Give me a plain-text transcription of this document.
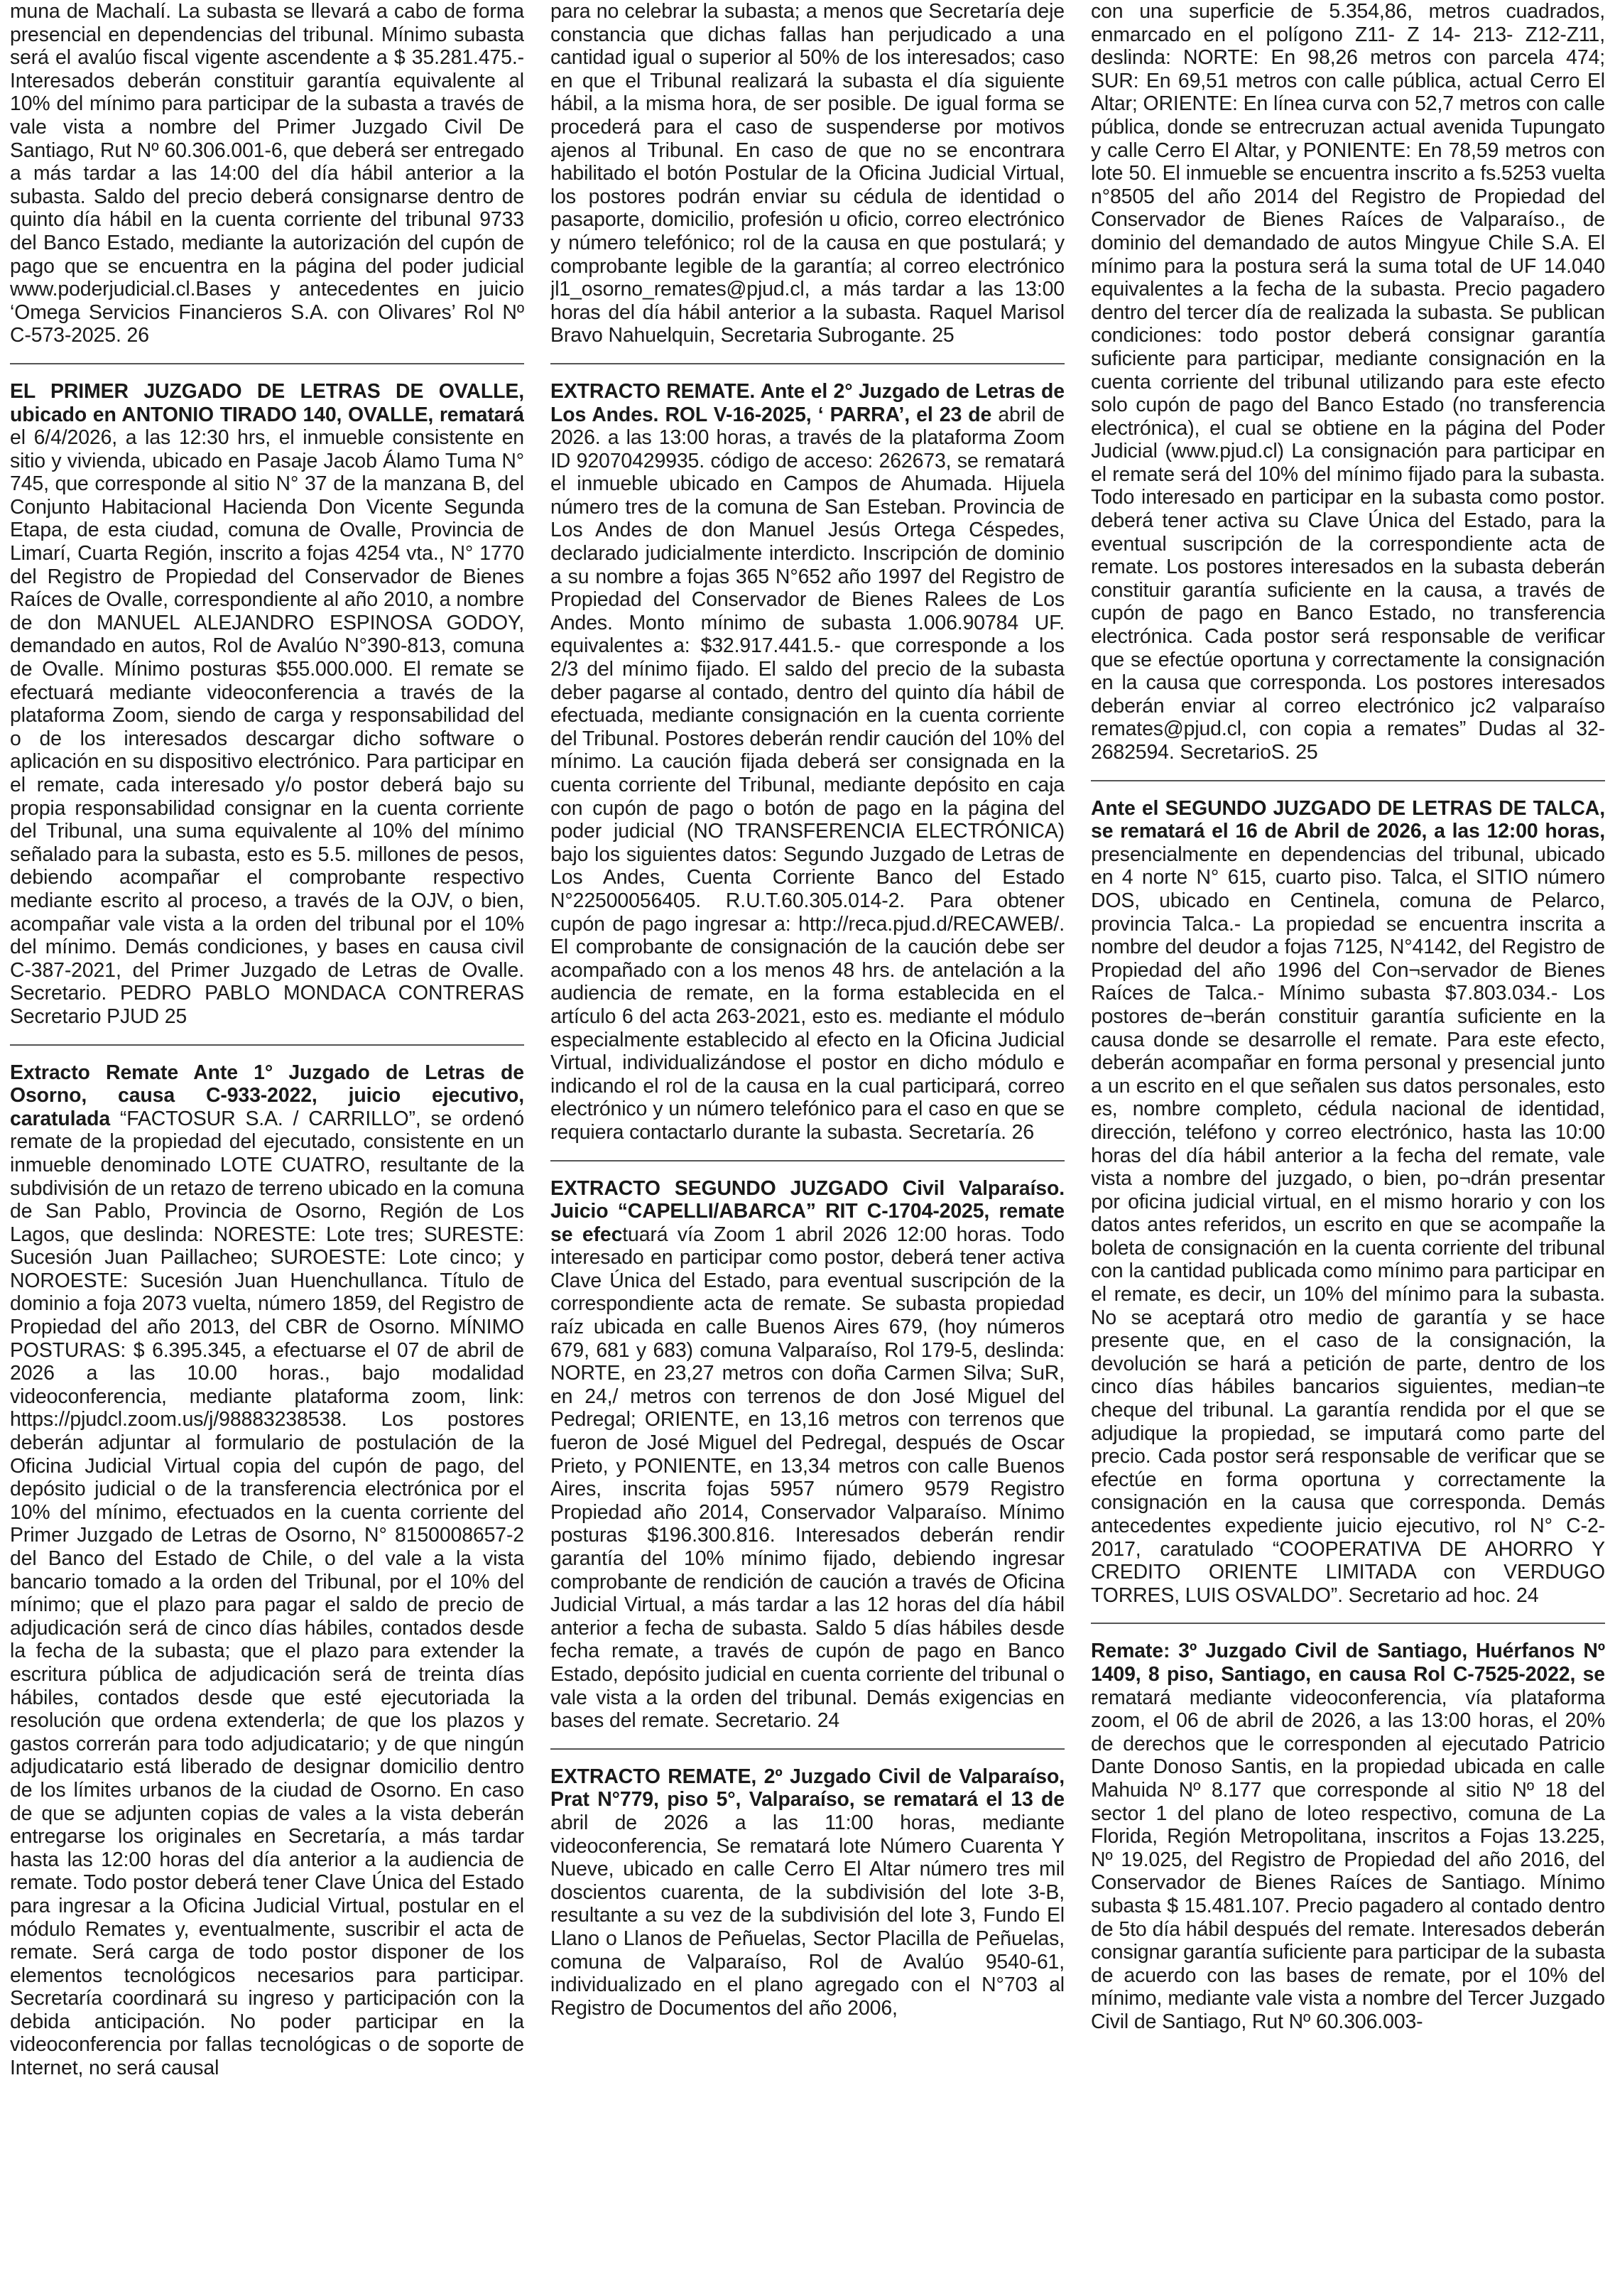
muna de Machalí. La subasta se llevará a cabo de forma presencial en dependencias del tribunal. Mínimo subasta será el avalúo fiscal vigente ascendente a $ 35.281.475.- Interesados deberán constituir garantía equivalente al 10% del mínimo para participar de la subasta a través de vale vista a nombre del Primer Juzgado Civil De Santiago, Rut Nº 60.306.001-6, que deberá ser entregado a más tardar a las 14:00 del día hábil anterior a la subasta. Saldo del precio deberá consignarse dentro de quinto día hábil en la cuenta corriente del tribunal 9733 del Banco Estado, mediante la autorización del cupón de pago que se encuentra en la página del poder judicial www.poderjudicial.cl.Bases y antecedentes en juicio ‘Omega Servicios Financieros S.A. con Olivares’ Rol Nº C-573-2025. 26

EL PRIMER JUZGADO DE LETRAS DE OVALLE, ubicado en ANTONIO TIRADO 140, OVALLE, rematará el 6/4/2026, a las 12:30 hrs, el inmueble consistente en sitio y vivienda, ubicado en Pasaje Jacob Álamo Tuma N° 745, que corresponde al sitio N° 37 de la manzana B, del Conjunto Habitacional Hacienda Don Vicente Segunda Etapa, de esta ciudad, comuna de Ovalle, Provincia de Limarí, Cuarta Región, inscrito a fojas 4254 vta., N° 1770 del Registro de Propiedad del Conservador de Bienes Raíces de Ovalle, correspondiente al año 2010, a nombre de don MANUEL ALEJANDRO ESPINOSA GODOY, demandado en autos, Rol de Avalúo N°390-813, comuna de Ovalle. Mínimo posturas $55.000.000. El remate se efectuará mediante videoconferencia a través de la plataforma Zoom, siendo de carga y responsabilidad del o de los interesados descargar dicho software o aplicación en su dispositivo electrónico. Para participar en el remate, cada interesado y/o postor deberá bajo su propia responsabilidad consignar en la cuenta corriente del Tribunal, una suma equivalente al 10% del mínimo señalado para la subasta, esto es 5.5. millones de pesos, debiendo acompañar el comprobante respectivo mediante escrito al proceso, a través de la OJV, o bien, acompañar vale vista a la orden del tribunal por el 10% del mínimo. Demás condiciones, y bases en causa civil C-387-2021, del Primer Juzgado de Letras de Ovalle. Secretario. PEDRO PABLO MONDACA CONTRERAS Secretario PJUD 25

Extracto Remate Ante 1° Juzgado de Letras de Osorno, causa C-933-2022, juicio ejecutivo, caratulada “FACTOSUR S.A. / CARRILLO”, se ordenó remate de la propiedad del ejecutado, consistente en un inmueble denominado LOTE CUATRO, resultante de la subdivisión de un retazo de terreno ubicado en la comuna de San Pablo, Provincia de Osorno, Región de Los Lagos, que deslinda: NORESTE: Lote tres; SURESTE: Sucesión Juan Paillacheo; SUROESTE: Lote cinco; y NOROESTE: Sucesión Juan Huenchullanca. Título de dominio a foja 2073 vuelta, número 1859, del Registro de Propiedad del año 2013, del CBR de Osorno. MÍNIMO POSTURAS: $ 6.395.345, a efectuarse el 07 de abril de 2026 a las 10.00 horas., bajo modalidad videoconferencia, mediante plataforma zoom, link: https://pjudcl.zoom.us/j/98883238538. Los postores deberán adjuntar al formulario de postulación de la Oficina Judicial Virtual copia del cupón de pago, del depósito judicial o de la transferencia electrónica por el 10% del mínimo, efectuados en la cuenta corriente del Primer Juzgado de Letras de Osorno, N° 8150008657-2 del Banco del Estado de Chile, o del vale a la vista bancario tomado a la orden del Tribunal, por el 10% del mínimo; que el plazo para pagar el saldo de precio de adjudicación será de cinco días hábiles, contados desde la fecha de la subasta; que el plazo para extender la escritura pública de adjudicación será de treinta días hábiles, contados desde que esté ejecutoriada la resolución que ordena extenderla; de que los plazos y gastos correrán para todo adjudicatario; y de que ningún adjudicatario está liberado de designar domicilio dentro de los límites urbanos de la ciudad de Osorno. En caso de que se adjunten copias de vales a la vista deberán entregarse los originales en Secretaría, a más tardar hasta las 12:00 horas del día anterior a la audiencia de remate. Todo postor deberá tener Clave Única del Estado para ingresar a la Oficina Judicial Virtual, postular en el módulo Remates y, eventualmente, suscribir el acta de remate. Será carga de todo postor disponer de los elementos tecnológicos necesarios para participar. Secretaría coordinará su ingreso y participación con la debida anticipación. No poder participar en la videoconferencia por fallas tecnológicas o de soporte de Internet, no será causal

para no celebrar la subasta; a menos que Secretaría deje constancia que dichas fallas han perjudicado a una cantidad igual o superior al 50% de los interesados; caso en que el Tribunal realizará la subasta el día siguiente hábil, a la misma hora, de ser posible. De igual forma se procederá para el caso de suspenderse por motivos ajenos al Tribunal. En caso de que no se encontrara habilitado el botón Postular de la Oficina Judicial Virtual, los postores podrán enviar su cédula de identidad o pasaporte, domicilio, profesión u oficio, correo electrónico y número telefónico; rol de la causa en que postulará; y comprobante legible de la garantía; al correo electrónico jl1_osorno_remates@pjud.cl, a más tardar a las 13:00 horas del día hábil anterior a la subasta. Raquel Marisol Bravo Nahuelquin, Secretaria Subrogante. 25

EXTRACTO REMATE. Ante el 2° Juzgado de Letras de Los Andes. ROL V-16-2025, ‘ PARRA’, el 23 de abril de 2026. a las 13:00 horas, a través de la plataforma Zoom ID 92070429935. código de acceso: 262673, se rematará el inmueble ubicado en Campos de Ahumada. Hijuela número tres de la comuna de San Esteban. Provincia de Los Andes de don Manuel Jesús Ortega Céspedes, declarado judicialmente interdicto. Inscripción de dominio a su nombre a fojas 365 N°652 año 1997 del Registro de Propiedad del Conservador de Bienes Ralees de Los Andes. Monto mínimo de subasta 1.006.90784 UF. equivalentes a: $32.917.441.5.- que corresponde a los 2/3 del mínimo fijado. El saldo del precio de la subasta deber pagarse al contado, dentro del quinto día hábil de efectuada, mediante consignación en la cuenta corriente del Tribunal. Postores deberán rendir caución del 10% del mínimo. La caución fijada deberá ser consignada en la cuenta corriente del Tribunal, mediante depósito en caja con cupón de pago o botón de pago en la página del poder judicial (NO TRANSFERENCIA ELECTRÓNICA) bajo los siguientes datos: Segundo Juzgado de Letras de Los Andes, Cuenta Corriente Banco del Estado N°22500056405. R.U.T.60.305.014-2. Para obtener cupón de pago ingresar a: http://reca.pjud.d/RECAWEB/. El comprobante de consignación de la caución debe ser acompañado con a los menos 48 hrs. de antelación a la audiencia de remate, en la forma establecida en el artículo 6 del acta 263-2021, esto es. mediante el módulo especialmente establecido al efecto en la Oficina Judicial Virtual, individualizándose el postor en dicho módulo e indicando el rol de la causa en la cual participará, correo electrónico y un número telefónico para el caso en que se requiera contactarlo durante la subasta. Secretaría. 26

EXTRACTO SEGUNDO JUZGADO Civil Valparaíso. Juicio “CAPELLI/ABARCA” RIT C-1704-2025, remate se efectuará vía Zoom 1 abril 2026 12:00 horas. Todo interesado en participar como postor, deberá tener activa Clave Única del Estado, para eventual suscripción de la correspondiente acta de remate. Se subasta propiedad raíz ubicada en calle Buenos Aires 679, (hoy números 679, 681 y 683) comuna Valparaíso, Rol 179-5, deslinda: NORTE, en 23,27 metros con doña Carmen Silva; SuR, en 24,/ metros con terrenos de don José Miguel del Pedregal; ORIENTE, en 13,16 metros con terrenos que fueron de José Miguel del Pedregal, después de Oscar Prieto, y PONIENTE, en 13,34 metros con calle Buenos Aires, inscrita fojas 5957 número 9579 Registro Propiedad año 2014, Conservador Valparaíso. Mínimo posturas $196.300.816. Interesados deberán rendir garantía del 10% mínimo fijado, debiendo ingresar comprobante de rendición de caución a través de Oficina Judicial Virtual, a más tardar a las 12 horas del día hábil anterior a fecha de subasta. Saldo 5 días hábiles desde fecha remate, a través de cupón de pago en Banco Estado, depósito judicial en cuenta corriente del tribunal o vale vista a la orden del tribunal. Demás exigencias en bases del remate. Secretario. 24

EXTRACTO REMATE, 2º Juzgado Civil de Valparaíso, Prat N°779, piso 5°, Valparaíso, se rematará el 13 de abril de 2026 a las 11:00 horas, mediante videoconferencia, Se rematará lote Número Cuarenta Y Nueve, ubicado en calle Cerro El Altar número tres mil doscientos cuarenta, de la subdivisión del lote 3-B, resultante a su vez de la subdivisión del lote 3, Fundo El Llano o Llanos de Peñuelas, Sector Placilla de Peñuelas, comuna de Valparaíso, Rol de Avalúo 9540-61, individualizado en el plano agregado con el N°703 al Registro de Documentos del año 2006,

con una superficie de 5.354,86, metros cuadrados, enmarcado en el polígono Z11- Z 14- 213- Z12-Z11, deslinda: NORTE: En 98,26 metros con parcela 474; SUR: En 69,51 metros con calle pública, actual Cerro El Altar; ORIENTE: En línea curva con 52,7 metros con calle pública, donde se entrecruzan actual avenida Tupungato y calle Cerro El Altar, y PONIENTE: En 78,59 metros con lote 50. El inmueble se encuentra inscrito a fs.5253 vuelta n°8505 del año 2014 del Registro de Propiedad del Conservador de Bienes Raíces de Valparaíso., de dominio del demandado de autos Mingyue Chile S.A. El mínimo para la postura será la suma total de UF 14.040 equivalentes a la fecha de la subasta. Precio pagadero dentro del tercer día de realizada la subasta. Se publican condiciones: todo postor deberá consignar garantía suficiente para participar, mediante consignación en la cuenta corriente del tribunal utilizando para este efecto solo cupón de pago del Banco Estado (no transferencia electrónica), el cual se obtiene en la página del Poder Judicial (www.pjud.cl) La consignación para participar en el remate será del 10% del mínimo fijado para la subasta. Todo interesado en participar en la subasta como postor. deberá tener activa su Clave Única del Estado, para la eventual suscripción de la correspondiente acta de remate. Los postores interesados en la subasta deberán constituir garantía suficiente en la causa, a través de cupón de pago en Banco Estado, no transferencia electrónica. Cada postor será responsable de verificar que se efectúe oportuna y correctamente la consignación en la causa que corresponda. Los postores interesados deberán enviar al correo electrónico jc2 valparaíso remates@pjud.cl, con copia a remates” Dudas al 32-2682594. SecretarioS. 25

Ante el SEGUNDO JUZGADO DE LETRAS DE TALCA, se rematará el 16 de Abril de 2026, a las 12:00 horas, presencialmente en dependencias del tribunal, ubicado en 4 norte N° 615, cuarto piso. Talca, el SITIO número DOS, ubicado en Centinela, comuna de Pelarco, provincia Talca.- La propiedad se encuentra inscrita a nombre del deudor a fojas 7125, N°4142, del Registro de Propiedad del año 1996 del Con¬servador de Bienes Raíces de Talca.- Mínimo subasta $7.803.034.- Los postores de¬berán constituir garantía suficiente en la causa donde se desarrolle el remate. Para este efecto, deberán acompañar en forma personal y presencial junto a un escrito en el que señalen sus datos personales, esto es, nombre completo, cédula nacional de identidad, dirección, teléfono y correo electrónico, hasta las 10:00 horas del día hábil anterior a la fecha del remate, vale vista a nombre del juzgado, o bien, po¬drán presentar por oficina judicial virtual, en el mismo horario y con los datos antes referidos, un escrito en que se acompañe la boleta de consignación en la cuenta corriente del tribunal con la cantidad publicada como mínimo para participar en el remate, es decir, un 10% del mínimo para la subasta. No se aceptará otro medio de garantía y se hace presente que, en el caso de la consignación, la devolución se hará a petición de parte, dentro de los cinco días hábiles bancarios siguientes, median¬te cheque del tribunal. La garantía rendida por el que se adjudique la propiedad, se imputará como parte del precio. Cada postor será responsable de verificar que se efectúe en forma oportuna y correctamente la consignación en la causa que corresponda. Demás antecedentes expediente juicio ejecutivo, rol N° C-2-2017, caratulado “COOPERATIVA DE AHORRO Y CREDITO ORIENTE LIMITADA con VERDUGO TORRES, LUIS OSVALDO”. Secretario ad hoc. 24

Remate: 3º Juzgado Civil de Santiago, Huérfanos Nº 1409, 8 piso, Santiago, en causa Rol C-7525-2022, se rematará mediante videoconferencia, vía plataforma zoom, el 06 de abril de 2026, a las 13:00 horas, el 20% de derechos que le corresponden al ejecutado Patricio Dante Donoso Santis, en la propiedad ubicada en calle Mahuida Nº 8.177 que corresponde al sitio Nº 18 del sector 1 del plano de loteo respectivo, comuna de La Florida, Región Metropolitana, inscritos a Fojas 13.225, Nº 19.025, del Registro de Propiedad del año 2016, del Conservador de Bienes Raíces de Santiago. Mínimo subasta $ 15.481.107. Precio pagadero al contado dentro de 5to día hábil después del remate. Interesados deberán consignar garantía suficiente para participar de la subasta de acuerdo con las bases de remate, por el 10% del mínimo, mediante vale vista a nombre del Tercer Juzgado Civil de Santiago, Rut Nº 60.306.003-
